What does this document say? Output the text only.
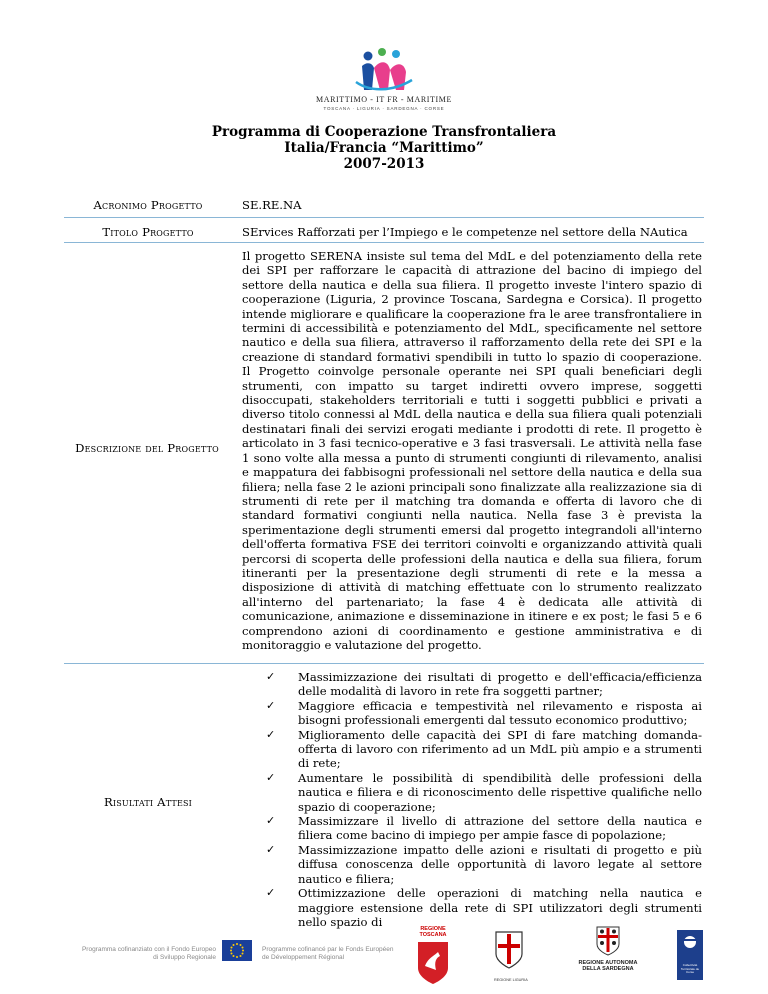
MARITTIMO - IT FR - MARITIME
TOSCANA · LIGURIA · SARDEGNA · CORSE
Programma di Cooperazione Transfrontaliera
Italia/Francia “Marittimo”
2007-2013
Acronimo Progetto	SE.RE.NA
Titolo Progetto	SErvices Rafforzati per l’Impiego e le competenze nel settore della NAutica
Descrizione del Progetto
Il progetto SERENA insiste sul tema del MdL e del potenziamento della rete dei SPI per rafforzare le capacità di attrazione del bacino di impiego del settore della nautica e della sua filiera. Il progetto investe l'intero spazio di cooperazione (Liguria, 2 province Toscana, Sardegna e Corsica). Il progetto intende migliorare e qualificare la cooperazione fra le aree transfrontaliere in termini di accessibilità e potenziamento del MdL, specificamente nel settore nautico e della sua filiera, attraverso il rafforzamento della rete dei SPI e la creazione di standard formativi spendibili in tutto lo spazio di cooperazione. Il Progetto coinvolge personale operante nei SPI quali beneficiari degli strumenti, con impatto su target indiretti ovvero imprese, soggetti disoccupati, stakeholders territoriali e tutti i soggetti pubblici e privati a diverso titolo connessi al MdL della nautica e della sua filiera quali potenziali destinatari finali dei servizi erogati mediante i prodotti di rete. Il progetto è articolato in 3 fasi tecnico-operative e 3 fasi trasversali. Le attività nella fase 1 sono volte alla messa a punto di strumenti congiunti di rilevamento, analisi e mappatura dei fabbisogni professionali nel settore della nautica e della sua filiera; nella fase 2 le azioni principali sono finalizzate alla realizzazione sia di strumenti di rete per il matching tra domanda e offerta di lavoro che di standard formativi congiunti nella nautica. Nella fase 3 è prevista la sperimentazione degli strumenti emersi dal progetto integrandoli all'interno dell'offerta formativa FSE dei territori coinvolti e organizzando attività quali percorsi di scoperta delle professioni della nautica e della sua filiera, forum itineranti per la presentazione degli strumenti di rete e la messa a disposizione di attività di matching effettuate con lo strumento realizzato all'interno del partenariato; la fase 4 è dedicata alle attività di comunicazione, animazione e disseminazione in itinere e ex post; le fasi 5 e 6 comprendono azioni di coordinamento e gestione amministrativa e di monitoraggio e valutazione del progetto.
Risultati Attesi
✓ Massimizzazione dei risultati di progetto e dell'efficacia/efficienza delle modalità di lavoro in rete fra soggetti partner;
✓ Maggiore efficacia e tempestività nel rilevamento e risposta ai bisogni professionali emergenti dal tessuto economico produttivo;
✓ Miglioramento delle capacità dei SPI di fare matching domanda-offerta di lavoro con riferimento ad un MdL più ampio e a strumenti di rete;
✓ Aumentare le possibilità di spendibilità delle professioni della nautica e filiera e di riconoscimento delle rispettive qualifiche nello spazio di cooperazione;
✓ Massimizzare il livello di attrazione del settore della nautica e filiera come bacino di impiego per ampie fasce di popolazione;
✓ Massimizzazione impatto delle azioni e risultati di progetto e più diffusa conoscenza delle opportunità di lavoro legate al settore nautico e filiera;
✓ Ottimizzazione delle operazioni di matching nella nautica e maggiore estensione della rete di SPI utilizzatori degli strumenti nello spazio di
Programma cofinanziato con il Fondo Europeo
di Sviluppo Regionale
Programme cofinancé par le Fonds Européen
de Développement Régional
REGIONE TOSCANA
REGIONE LIGURIA
REGIONE AUTONOMA
DELLA SARDEGNA
Collectivité Territoriale de Corse
